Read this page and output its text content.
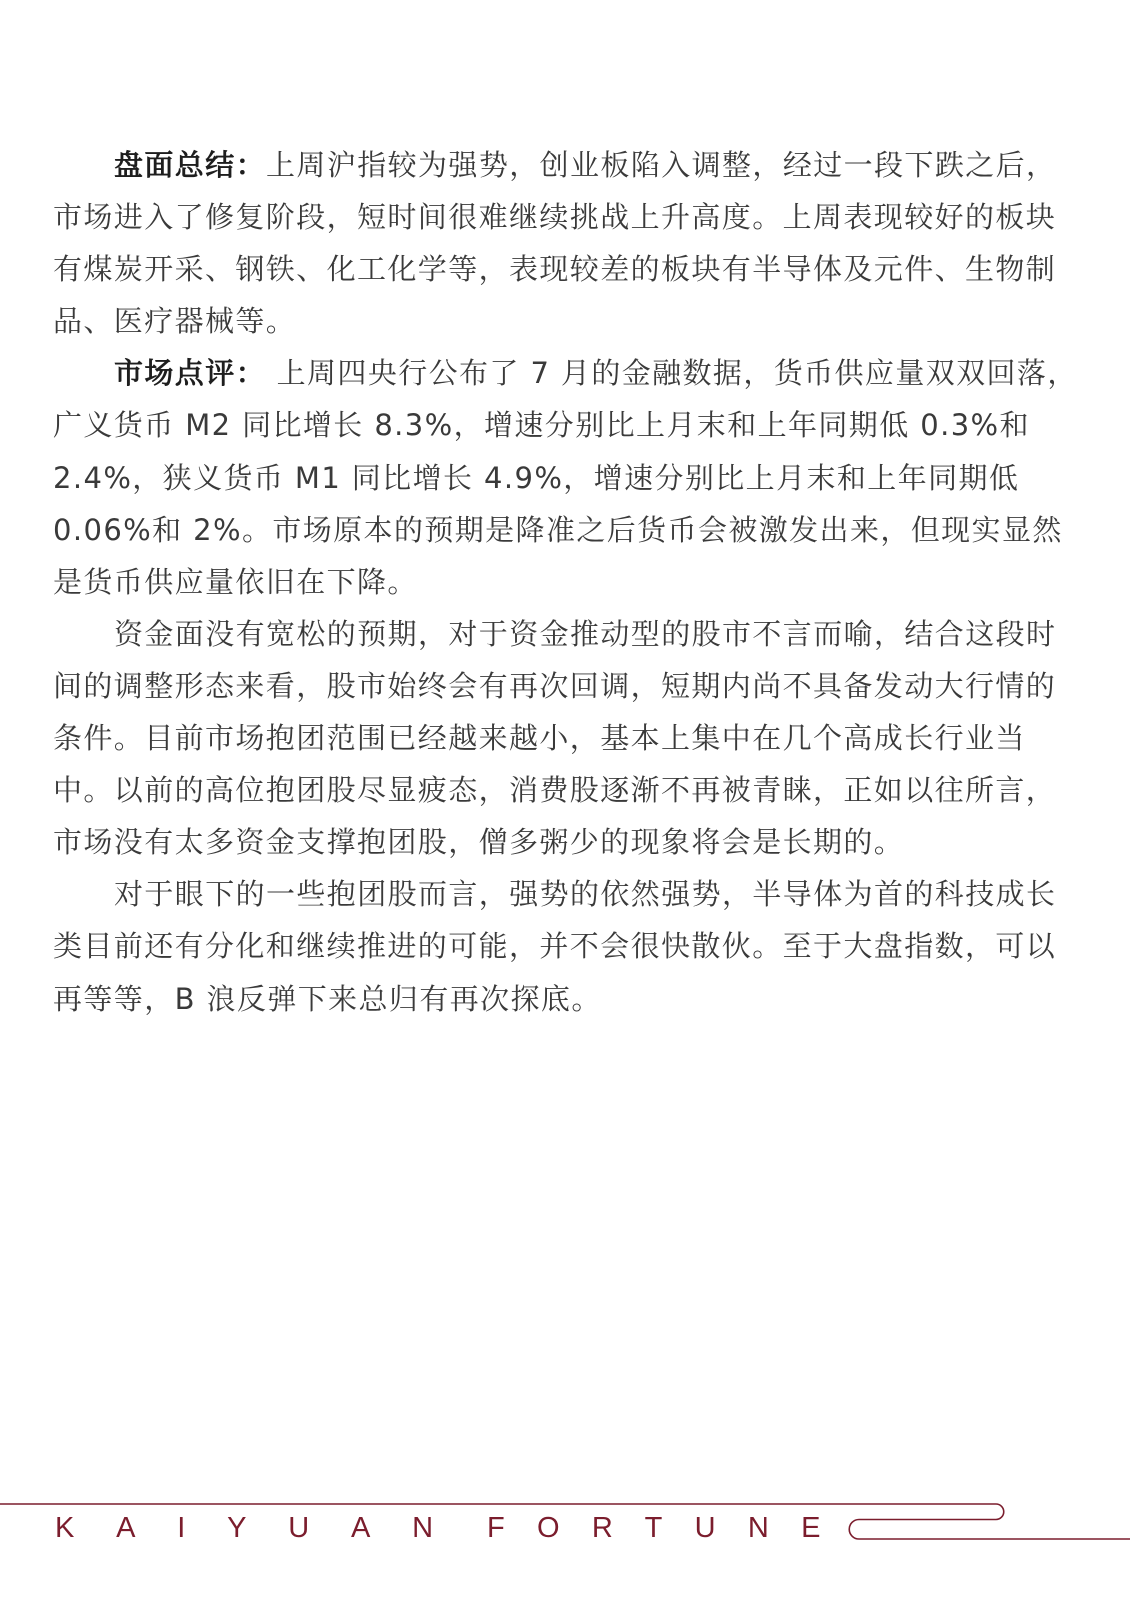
盘面总结：上周沪指较为强势，创业板陷入调整，经过一段下跌之后，
市场进入了修复阶段，短时间很难继续挑战上升高度。上周表现较好的板块
有煤炭开采、钢铁、化工化学等，表现较差的板块有半导体及元件、生物制
品、医疗器械等。
市场点评： 上周四央行公布了 7 月的金融数据，货币供应量双双回落，
广义货币 M2 同比增长 8.3%，增速分别比上月末和上年同期低 0.3%和
2.4%，狭义货币 M1 同比增长 4.9%，增速分别比上月末和上年同期低
0.06%和 2%。市场原本的预期是降准之后货币会被激发出来，但现实显然
是货币供应量依旧在下降。
资金面没有宽松的预期，对于资金推动型的股市不言而喻，结合这段时
间的调整形态来看，股市始终会有再次回调，短期内尚不具备发动大行情的
条件。目前市场抱团范围已经越来越小，基本上集中在几个高成长行业当
中。以前的高位抱团股尽显疲态，消费股逐渐不再被青睐，正如以往所言，
市场没有太多资金支撑抱团股，僧多粥少的现象将会是长期的。
对于眼下的一些抱团股而言，强势的依然强势，半导体为首的科技成长
类目前还有分化和继续推进的可能，并不会很快散伙。至于大盘指数，可以
再等等，B 浪反弹下来总归有再次探底。
KAIYUAN FORTUNE
